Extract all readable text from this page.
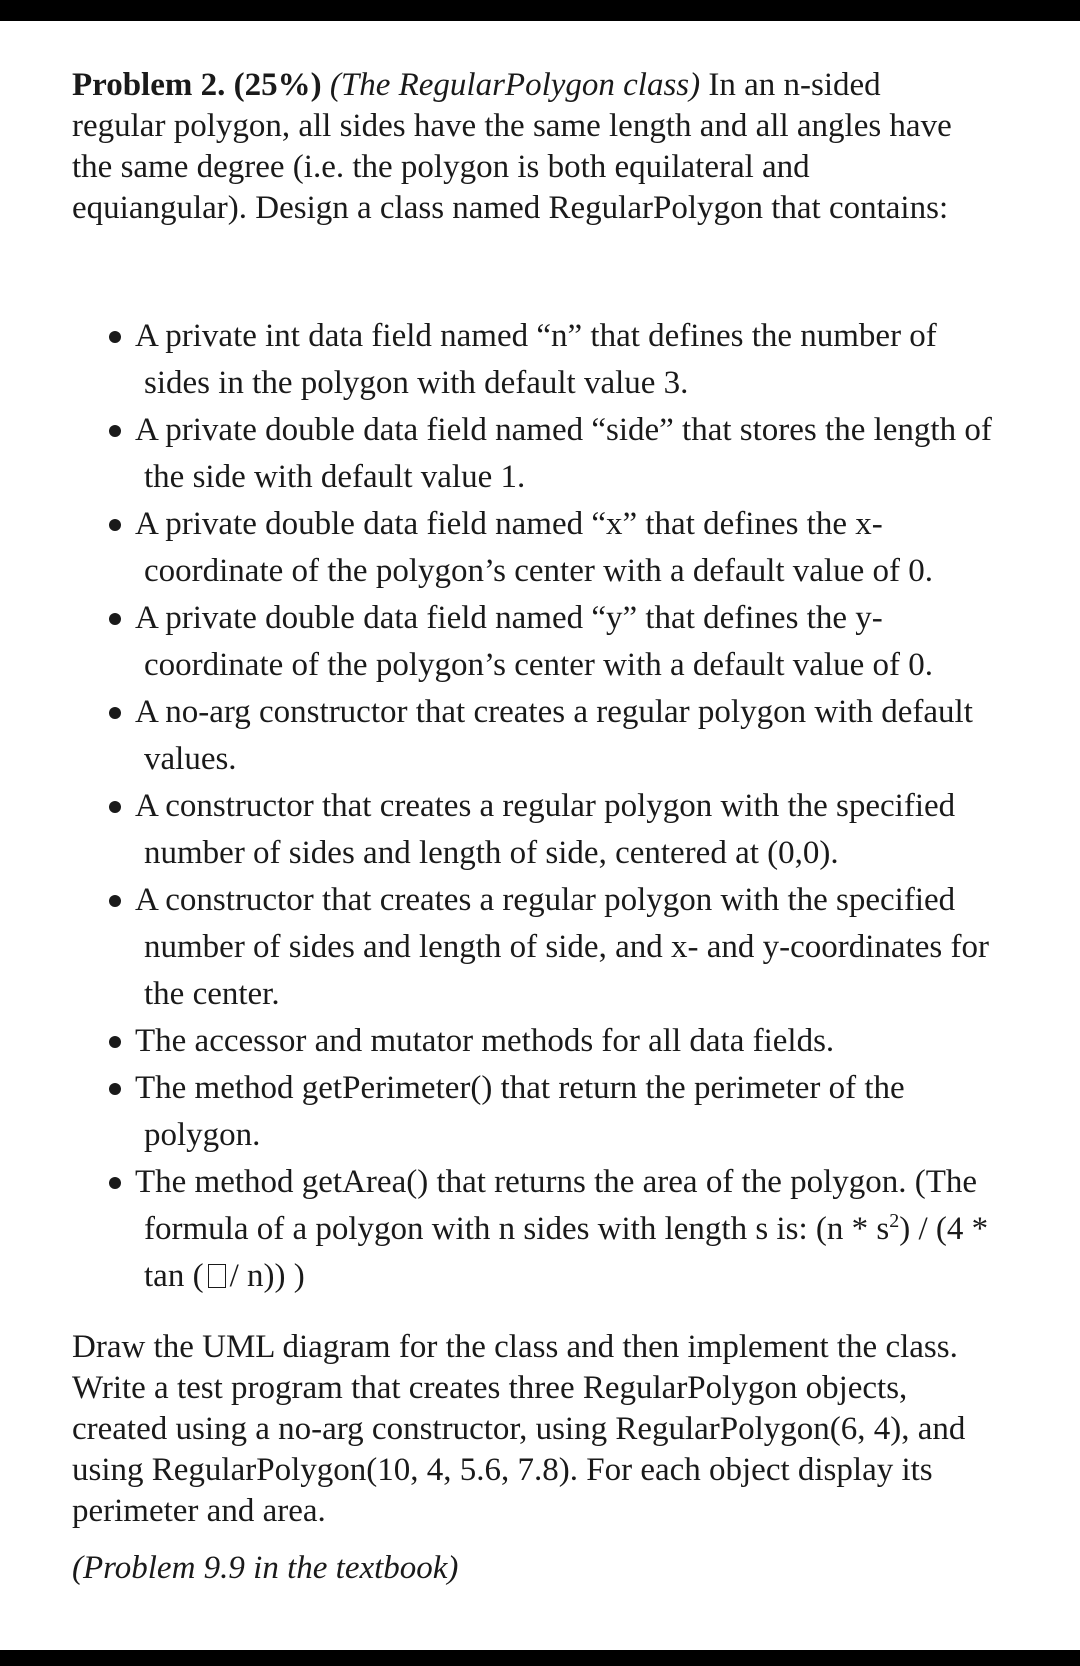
Problem 2. (25%) (The RegularPolygon class) In an n-sided regular polygon, all sides have the same length and all angles have the same degree (i.e. the polygon is both equilateral and equiangular). Design a class named RegularPolygon that contains:
A private int data field named “n” that defines the number of sides in the polygon with default value 3.
A private double data field named “side” that stores the length of the side with default value 1.
A private double data field named “x” that defines the x-coordinate of the polygon’s center with a default value of 0.
A private double data field named “y” that defines the y-coordinate of the polygon’s center with a default value of 0.
A no-arg constructor that creates a regular polygon with default values.
A constructor that creates a regular polygon with the specified number of sides and length of side, centered at (0,0).
A constructor that creates a regular polygon with the specified number of sides and length of side, and x- and y-coordinates for the center.
The accessor and mutator methods for all data fields.
The method getPerimeter() that return the perimeter of the polygon.
The method getArea() that returns the area of the polygon. (The formula of a polygon with n sides with length s is: $(n * s^2) / (4$ * tan ( / n)) )
Draw the UML diagram for the class and then implement the class. Write a test program that creates three RegularPolygon objects, created using a no-arg constructor, using RegularPolygon(6, 4), and using RegularPolygon(10, 4, 5.6, 7.8). For each object display its perimeter and area.
(Problem 9.9 in the textbook)
